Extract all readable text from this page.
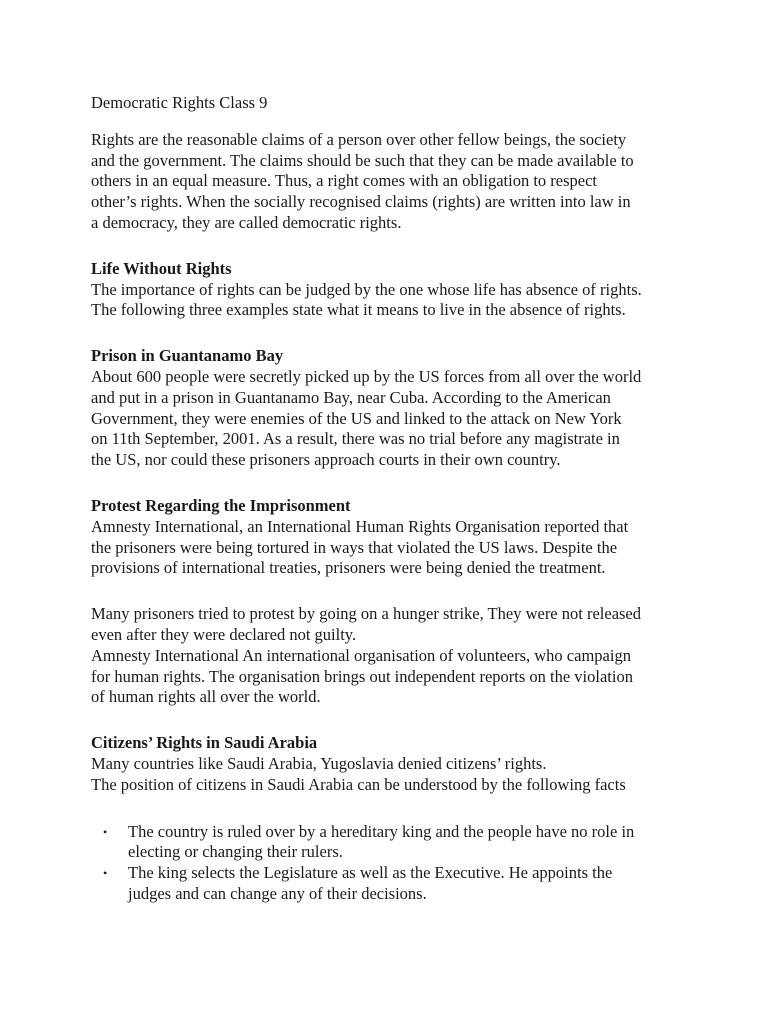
Democratic Rights Class 9

Rights are the reasonable claims of a person over other fellow beings, the society
and the government. The claims should be such that they can be made available to
others in an equal measure. Thus, a right comes with an obligation to respect
other’s rights. When the socially recognised claims (rights) are written into law in
a democracy, they are called democratic rights.

Life Without Rights
The importance of rights can be judged by the one whose life has absence of rights.
The following three examples state what it means to live in the absence of rights.

Prison in Guantanamo Bay
About 600 people were secretly picked up by the US forces from all over the world
and put in a prison in Guantanamo Bay, near Cuba. According to the American
Government, they were enemies of the US and linked to the attack on New York
on 11th September, 2001. As a result, there was no trial before any magistrate in
the US, nor could these prisoners approach courts in their own country.

Protest Regarding the Imprisonment
Amnesty International, an International Human Rights Organisation reported that
the prisoners were being tortured in ways that violated the US laws. Despite the
provisions of international treaties, prisoners were being denied the treatment.

Many prisoners tried to protest by going on a hunger strike, They were not released
even after they were declared not guilty.
Amnesty International An international organisation of volunteers, who campaign
for human rights. The organisation brings out independent reports on the violation
of human rights all over the world.

Citizens’ Rights in Saudi Arabia
Many countries like Saudi Arabia, Yugoslavia denied citizens’ rights.
The position of citizens in Saudi Arabia can be understood by the following facts

• The country is ruled over by a hereditary king and the people have no role in
electing or changing their rulers.
• The king selects the Legislature as well as the Executive. He appoints the
judges and can change any of their decisions.
